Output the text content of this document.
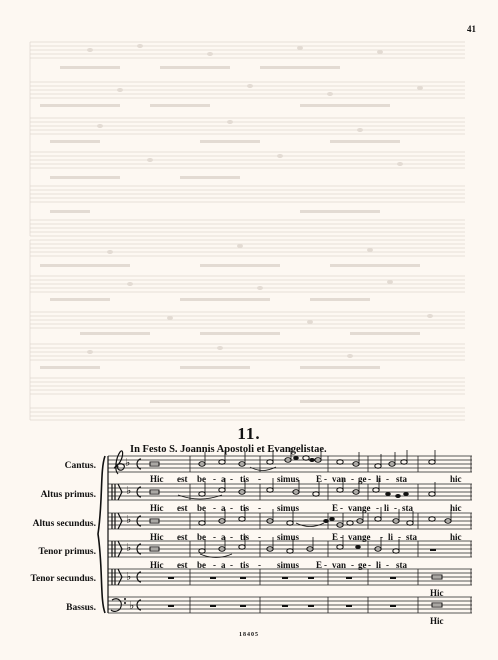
41
11.
In Festo S. Joannis Apostoli et Evangelistae.
Cantus.
Altus primus.
Altus secundus.
Tenor primus.
Tenor secundus.
Bassus.
♭
♭
♭
♭
♭
♭
Hic est be - a - tis - simus E - van - ge - li - sta	hic
Hic est be - a - tis - simus	E - vange - li - sta	hic
Hic est be - a - tis - simus	E - vange - li - sta	hic
Hic est be - a - tis - simus E - van - ge - li - sta
Hic
Hic
18405
